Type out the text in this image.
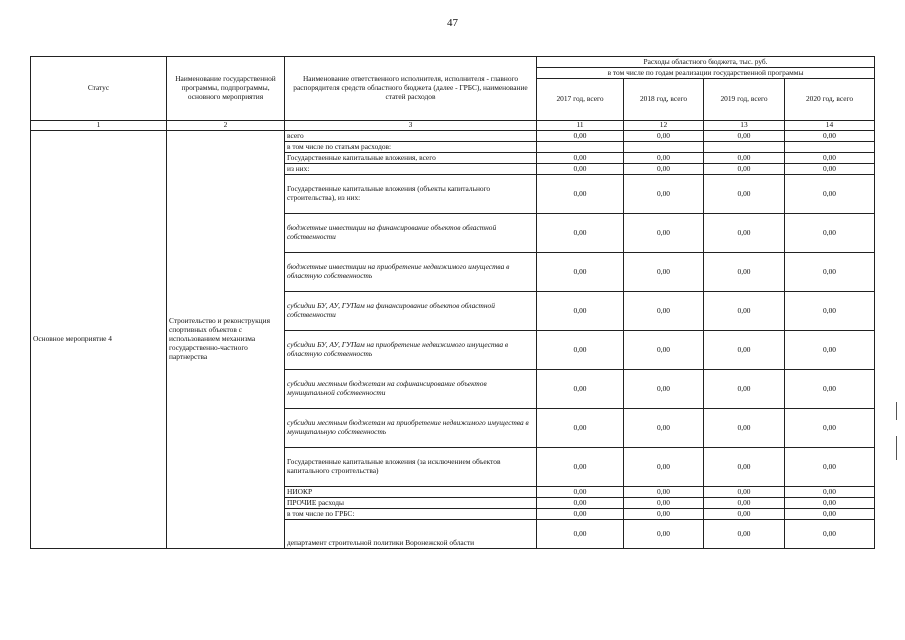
47
Статус	Наименование государственной программы, подпрограммы, основного мероприятия	Наименование ответственного исполнителя, исполнителя - главного распорядителя средств областного бюджета (далее - ГРБС), наименование статей расходов	Расходы областного бюджета, тыс. руб.			
			в том числе по годам реализации государственной программы			
			2017 год, всего	2018 год, всего	2019 год, всего	2020 год, всего
1	2	3	11	12	13	14
Основное мероприятие 4	Строительство и реконструкция спортивных объектов с использованием механизма государственно-частного партнерства	всего	0,00	0,00	0,00	0,00
		в том числе по статьям расходов:				
		Государственные капитальные вложения, всего	0,00	0,00	0,00	0,00
		из них:	0,00	0,00	0,00	0,00
		Государственные капитальные вложения (объекты капитального строительства), из них:	0,00	0,00	0,00	0,00
		бюджетные инвестиции на финансирование объектов областной собственности	0,00	0,00	0,00	0,00
		бюджетные инвестиции на приобретение недвижимого имущества в областную собственность	0,00	0,00	0,00	0,00
		субсидии БУ, АУ, ГУПам на финансирование объектов областной собственности	0,00	0,00	0,00	0,00
		субсидии БУ, АУ, ГУПам на приобретение недвижимого имущества в областную собственность	0,00	0,00	0,00	0,00
		субсидии местным бюджетам на софинансирование объектов муниципальной собственности	0,00	0,00	0,00	0,00
		субсидии местным бюджетам на приобретение недвижимого имущества в муниципальную собственность	0,00	0,00	0,00	0,00
		Государственные капитальные вложения (за исключением объектов капитального строительства)	0,00	0,00	0,00	0,00
		НИОКР	0,00	0,00	0,00	0,00
		ПРОЧИЕ расходы	0,00	0,00	0,00	0,00
		в том числе по ГРБС:	0,00	0,00	0,00	0,00
		департамент строительной политики Воронежской области	0,00	0,00	0,00	0,00
